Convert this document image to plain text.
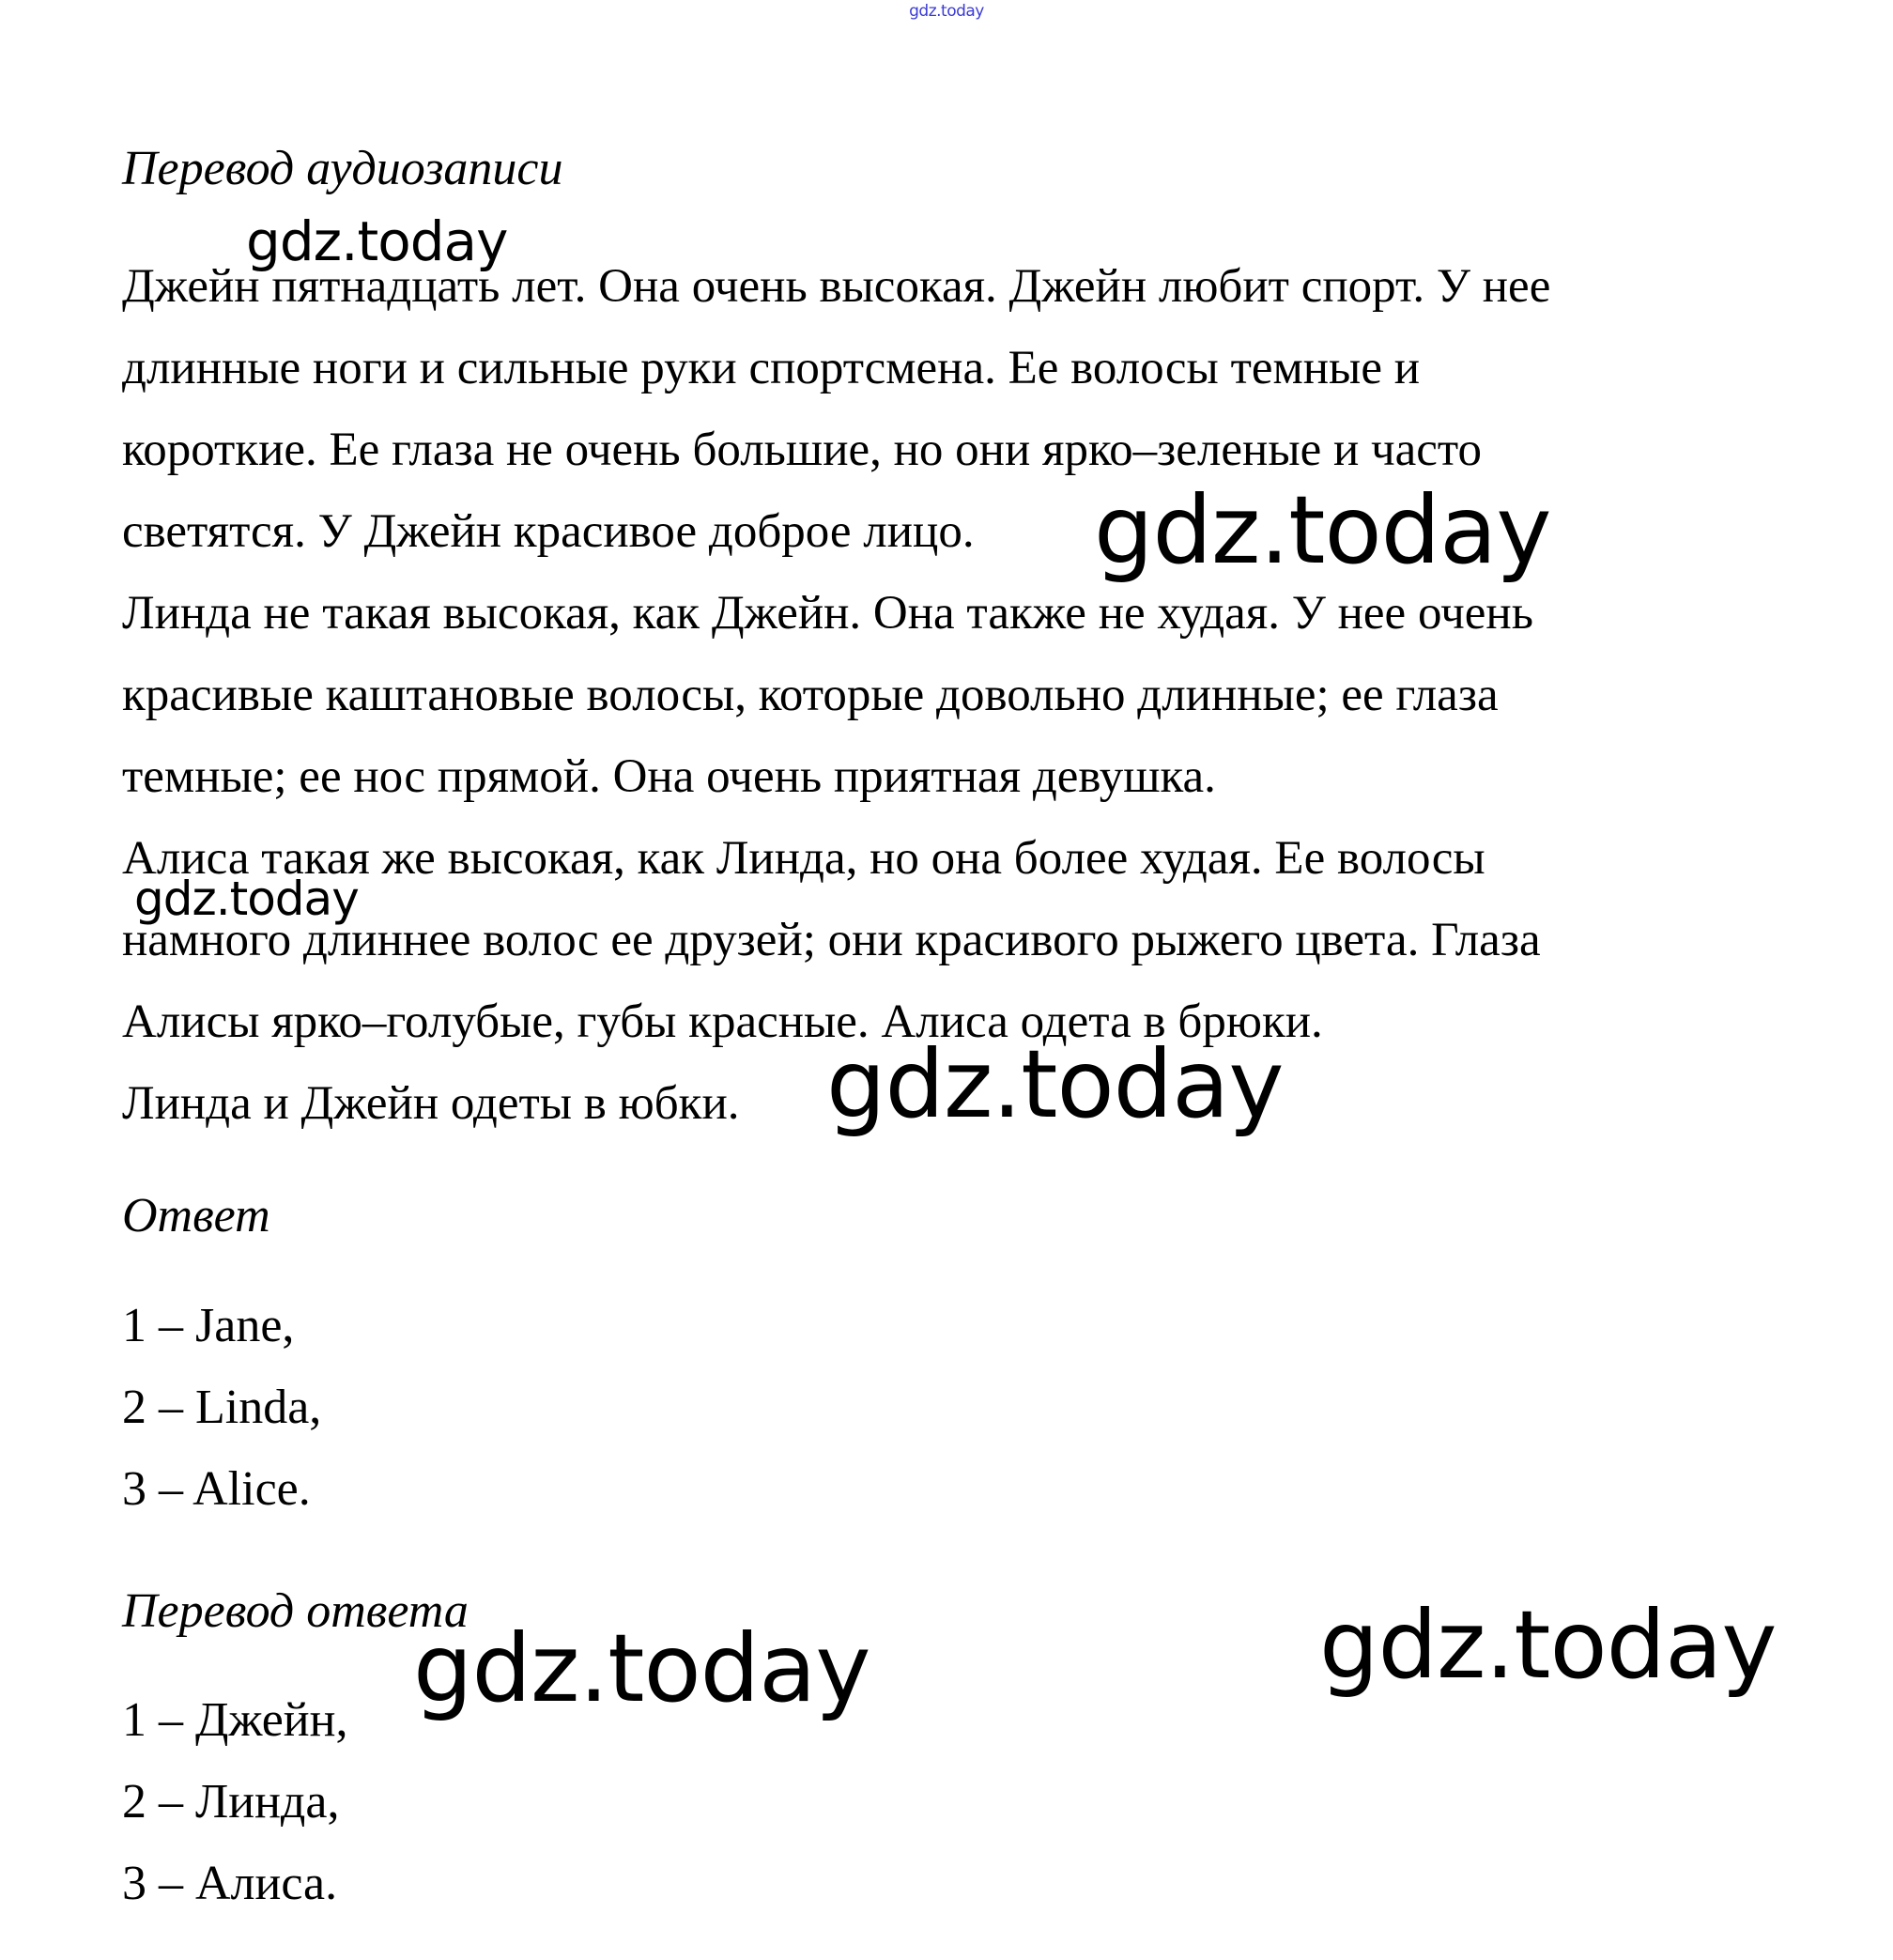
gdz.today
Перевод аудиозаписи

Джейн пятнадцать лет. Она очень высокая. Джейн любит спорт. У нее

длинные ноги и сильные руки спортсмена. Ее волосы темные и

короткие. Ее глаза не очень большие, но они ярко–зеленые и часто

светятся. У Джейн красивое доброе лицо.

Линда не такая высокая, как Джейн. Она также не худая. У нее очень

красивые каштановые волосы, которые довольно длинные; ее глаза

темные; ее нос прямой. Она очень приятная девушка.

Алиса такая же высокая, как Линда, но она более худая. Ее волосы

намного длиннее волос ее друзей; они красивого рыжего цвета. Глаза

Алисы ярко–голубые, губы красные. Алиса одета в брюки.

Линда и Джейн одеты в юбки.

Ответ
1 – Jane,
2 – Linda,
3 – Alice.
Перевод ответа
1 – Джейн,
2 – Линда,
3 – Алиса.
gdz.today
gdz.today
gdz.today
gdz.today
gdz.today	gdz.today
